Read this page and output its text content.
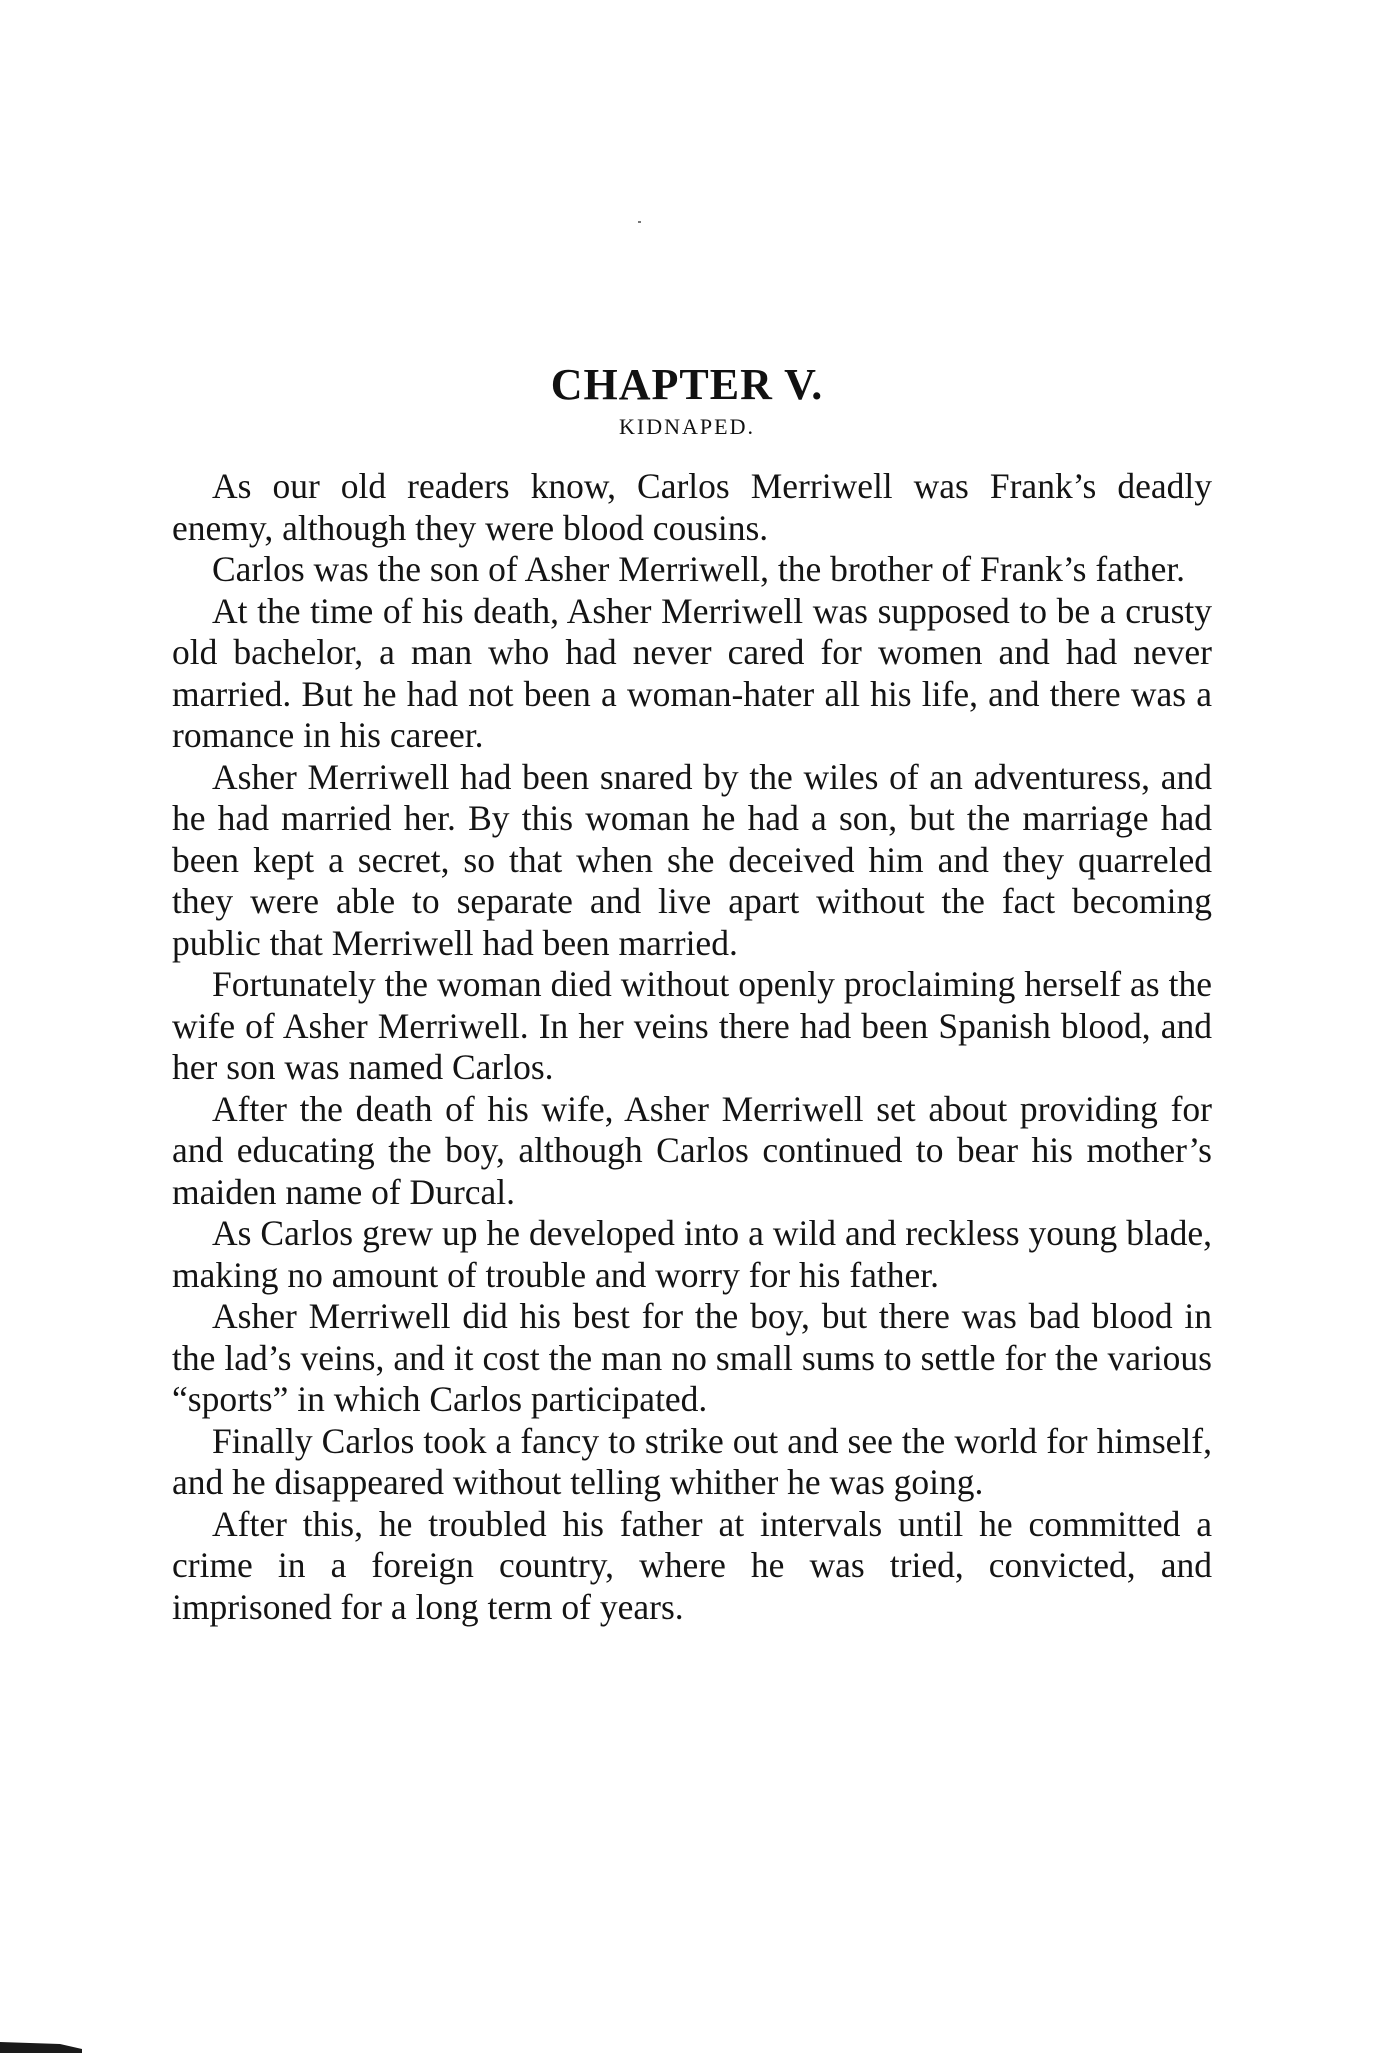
CHAPTER V.
KIDNAPED.

As our old readers know, Carlos Merriwell was Frank’s deadly enemy, although they were blood cousins.

Carlos was the son of Asher Merriwell, the brother of Frank’s father.

At the time of his death, Asher Merriwell was supposed to be a crusty old bachelor, a man who had never cared for women and had never married. But he had not been a woman-hater all his life, and there was a romance in his career.

Asher Merriwell had been snared by the wiles of an adventuress, and he had married her. By this woman he had a son, but the marriage had been kept a secret, so that when she deceived him and they quarreled they were able to separate and live apart without the fact becoming public that Merriwell had been married.

Fortunately the woman died without openly proclaiming herself as the wife of Asher Merriwell. In her veins there had been Spanish blood, and her son was named Carlos.

After the death of his wife, Asher Merriwell set about providing for and educating the boy, although Carlos continued to bear his mother’s maiden name of Durcal.

As Carlos grew up he developed into a wild and reckless young blade, making no amount of trouble and worry for his father.

Asher Merriwell did his best for the boy, but there was bad blood in the lad’s veins, and it cost the man no small sums to settle for the various “sports” in which Carlos participated.

Finally Carlos took a fancy to strike out and see the world for himself, and he disappeared without telling whither he was going.

After this, he troubled his father at intervals until he committed a crime in a foreign country, where he was tried, convicted, and imprisoned for a long term of years.
